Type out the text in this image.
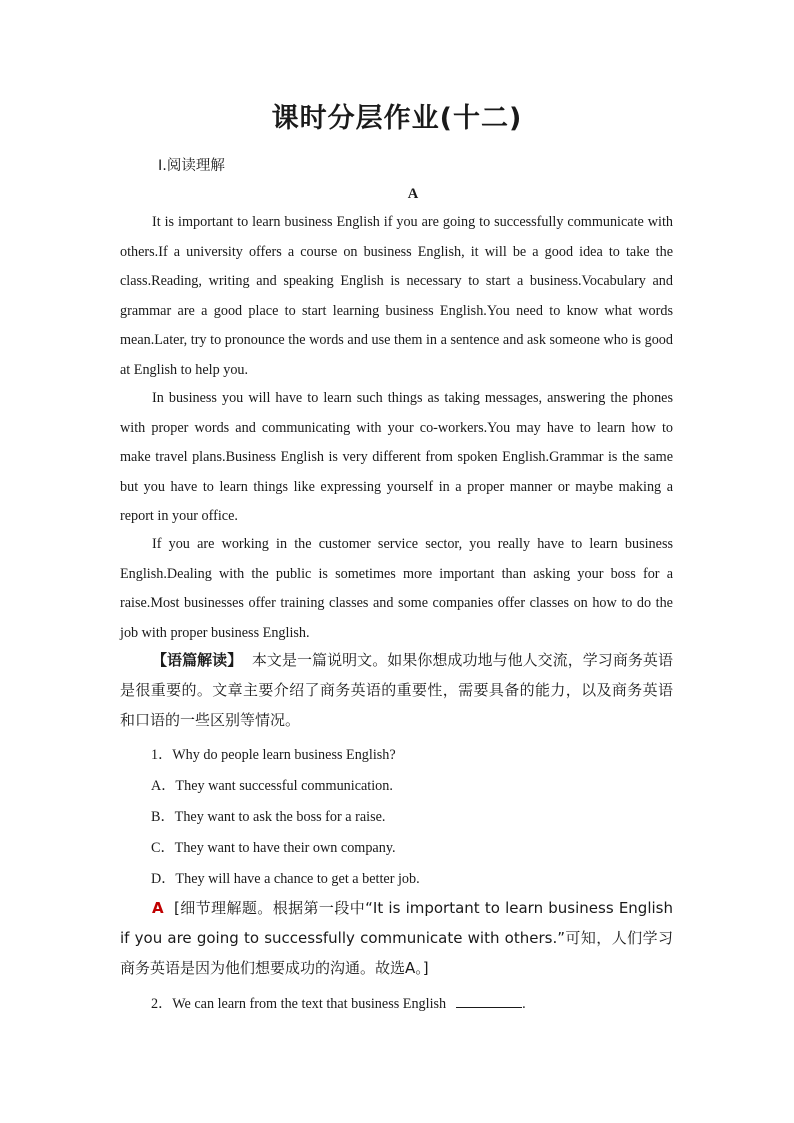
课时分层作业(十二)
Ⅰ.阅读理解
A

It is important to learn business English if you are going to successfully communicate with others.If a university offers a course on business English, it will be a good idea to take the class.Reading, writing and speaking English is necessary to start a business.Vocabulary and grammar are a good place to start learning business English.You need to know what words mean.Later, try to pronounce the words and use them in a sentence and ask someone who is good at English to help you.

In business you will have to learn such things as taking messages, answering the phones with proper words and communicating with your co-workers.You may have to learn how to make travel plans.Business English is very different from spoken English.Grammar is the same but you have to learn things like expressing yourself in a proper manner or maybe making a report in your office.

If you are working in the customer service sector, you really have to learn business English.Dealing with the public is sometimes more important than asking your boss for a raise.Most businesses offer training classes and some companies offer classes on how to do the job with proper business English.

【语篇解读】 本文是一篇说明文。如果你想成功地与他人交流，学习商务英语是很重要的。文章主要介绍了商务英语的重要性，需要具备的能力，以及商务英语和口语的一些区别等情况。

1．Why do people learn business English?
A．They want successful communication.
B．They want to ask the boss for a raise.
C．They want to have their own company.
D．They will have a chance to get a better job.

A [细节理解题。根据第一段中“It is important to learn business English if you are going to successfully communicate with others.”可知，人们学习商务英语是因为他们想要成功的沟通。故选A。]

2．We can learn from the text that business English	.
